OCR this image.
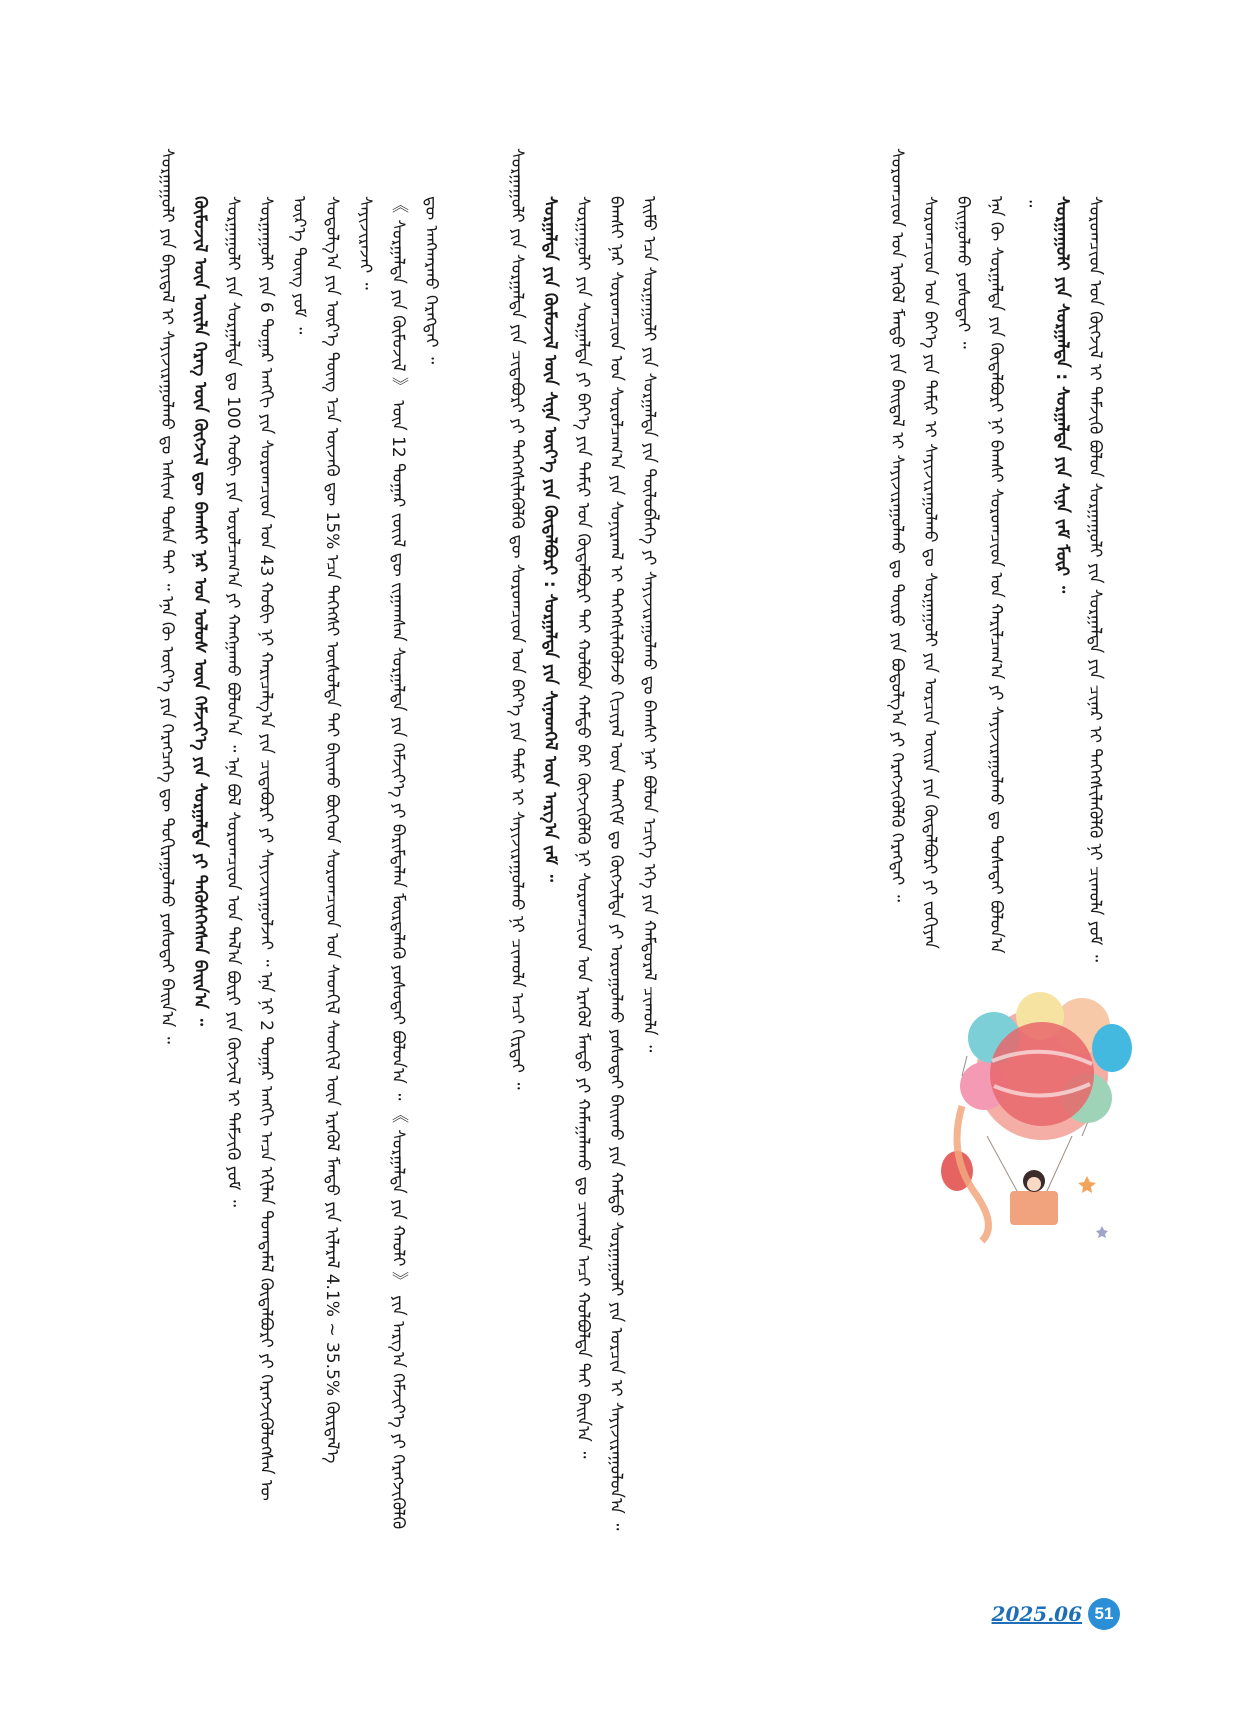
ᠰᠤᠷᠭᠠᠭᠤᠯᠢ ᠶᠢᠨ ᠪᠠᠶᠢᠳᠠᠯ ᠢ ᠰᠠᠶᠢᠵᠢᠷᠠᠭᠤᠯᠬᠤ ᠳᠤ ᠠᠰᠢᠭ ᠲᠤᠰᠠ ᠲᠠᠢ ᠃ ᠡᠨᠡ ᠬᠦ ᠦᠶ᠎ᠡ ᠶᠢᠨ ᠬᠡᠷᠡᠭᠴᠡᠭᠡ ᠳᠦ ᠲᠣᠬᠢᠷᠠᠭᠤᠯᠬᠤ ᠶᠤᠰᠤᠲᠠᠢ ᠪᠠᠢᠨ᠎ᠠ ᠃ ᠬᠦᠮᠦᠵᠢᠯ ᠦᠨ ᠦᠢᠯᠡ ᠬᠡᠷᠡᠭ ᠦᠨ ᠬᠥᠭᠵᠢᠯ ᠳᠦ ᠪᠠᠭᠰᠢ ᠨᠠᠷ ᠤᠨ ᠤᠯᠤᠰ ᠦᠨ ᠬᠡᠮᠵᠢᠶ᠎ᠡ ᠶᠢᠨ ᠰᠤᠷᠭᠠᠯᠲᠠ ᠶᠢ ᠲᠡᠭᠦᠰᠬᠡᠭᠰᠡᠨ ᠪᠠᠢᠨ᠎ᠠ ᠃ ᠰᠤᠷᠭᠠᠭᠤᠯᠢ ᠶᠢᠨ ᠰᠤᠷᠭᠠᠯᠲᠠ ᠳᠤ 100 ᠬᠤᠪᠢ ᠶᠢᠨ ᠤᠷᠤᠯᠴᠠᠭ᠎ᠠ ᠶᠢ ᠬᠠᠩᠭᠠᠬᠤ ᠪᠣᠯᠤᠨ᠎ᠠ ᠃ ᠡᠨᠡ ᠪᠣᠯ ᠰᠤᠷᠤᠭᠴᠢᠳ ᠤᠨ ᠲᠠᠯ᠎ᠠ ᠪᠦᠷᠢ ᠶᠢᠨ ᠬᠥᠭᠵᠢᠯ ᠢ ᠳᠡᠮᠵᠢᠬᠦ ᠶᠤᠮ ᠃ ᠰᠤᠷᠭᠠᠭᠤᠯᠢ ᠶᠢᠨ 6 ᠳᠤᠭᠠᠷ ᠠᠩᠭᠢ ᠶᠢᠨ ᠰᠤᠷᠤᠭᠴᠢᠳ ᠤᠨ 43 ᠬᠤᠪᠢ ᠨᠢ ᠬᠠᠷᠢᠴᠠᠯᠭ᠎ᠠ ᠶᠢᠨ ᠴᠢᠳᠠᠪᠤᠷᠢ ᠶᠢ ᠰᠠᠶᠢᠵᠢᠷᠠᠭᠤᠯᠵᠠᠢ ᠃ ᠡᠨᠡ ᠨᠢ 2 ᠳᠤᠭᠠᠷ ᠠᠩᠭᠢ ᠠᠴᠠ ᠡᠬᠢᠯᠡᠨ ᠲᠣᠭᠲᠠᠮᠠᠯ ᠬᠥᠲᠡᠯᠪᠦᠷᠢ ᠶᠢ ᠬᠡᠷᠡᠭᠵᠢᠭᠦᠯᠦᠭᠰᠡᠨ ᠦ ᠦᠷ᠎ᠡ ᠳᠦᠩ ᠶᠤᠮ ᠃ ᠰᠤᠳᠤᠯᠭ᠎ᠠ ᠶᠢᠨ ᠦᠷ᠎ᠡ ᠳᠦᠩ ᠡᠴᠡ ᠦᠵᠡᠬᠦ ᠳᠦ 15% ᠡᠴᠡ ᠳᠡᠭᠡᠭᠰᠢ ᠥᠰᠦᠯᠲᠡ ᠲᠠᠢ ᠪᠠᠢᠬᠤ ᠪᠥᠭᠡᠳ ᠰᠤᠷᠤᠭᠴᠢᠳ ᠤᠨ ᠰᠡᠳᠭᠢᠯ ᠰᠡᠳᠬᠢᠯ ᠦᠨ ᠡᠷᠡᠭᠦᠯ ᠮᠡᠨᠳᠦ ᠶᠢᠨ ᠢᠯᠡᠷᠡᠯ 4.1% ~ 35.5% ᠬᠦᠷᠲᠡᠯ᠎ᠡ ᠰᠠᠶᠢᠵᠢᠷᠠᠵᠠᠢ ᠃ 《 ᠰᠤᠷᠭᠠᠯᠲᠠ ᠶᠢᠨ ᠬᠦᠮᠦᠵᠢᠯ 》 ᠦᠨ 12 ᠳᠤᠭᠠᠷ ᠵᠦᠢᠯ ᠳᠦ ᠵᠢᠭᠠᠭᠰᠠᠨ ᠰᠤᠷᠭᠠᠯᠲᠠ ᠶᠢᠨ ᠬᠡᠮᠵᠢᠶ᠎ᠡ ᠶᠢ ᠪᠠᠷᠢᠮᠲᠠᠯᠠᠨ ᠮᠥᠷᠳᠡᠯᠡᠬᠦ ᠶᠤᠰᠤᠲᠠᠢ ᠪᠣᠯᠤᠨ᠎ᠠ ᠃ 《 ᠰᠤᠷᠭᠠᠯᠲᠠ ᠶᠢᠨ ᠬᠠᠤᠯᠢ 》 ᠶᠢᠨ ᠠᠷᠭ᠎ᠠ ᠬᠡᠮᠵᠢᠶ᠎ᠡ ᠶᠢ ᠬᠡᠷᠡᠭᠵᠢᠭᠦᠯᠬᠦ ᠳᠦ ᠠᠩᠬᠠᠷᠬᠤ ᠬᠡᠷᠡᠭᠲᠡᠢ ᠃	ᠰᠤᠷᠭᠠᠭᠤᠯᠢ ᠶᠢᠨ ᠰᠤᠷᠭᠠᠯᠲᠠ ᠶᠢᠨ ᠴᠢᠳᠠᠪᠤᠷᠢ ᠶᠢ ᠳᠡᠭᠡᠭᠰᠢᠯᠡᠭᠦᠯᠬᠦ ᠳᠦ ᠰᠤᠷᠤᠭᠴᠢᠳ ᠤᠨ ᠪᠡᠶ᠎ᠡ ᠶᠢᠨ ᠲᠠᠮᠢᠷ ᠢ ᠰᠠᠶᠢᠵᠢᠷᠠᠭᠤᠯᠬᠤ ᠨᠢ ᠴᠢᠬᠤᠯᠠ ᠠᠴᠢ ᠬᠢᠷᠳᠠᠢ ᠃ ᠰᠤᠷᠭᠠᠯᠲᠠ ᠶᠢᠨ ᠬᠦᠮᠦᠵᠢᠯ ᠦᠨ ᠰᠢᠨᠡ ᠦᠶ᠎ᠡ ᠶᠢᠨ ᠬᠥᠲᠡᠯᠪᠦᠷᠢ : ᠰᠤᠷᠭᠠᠯᠲᠠ ᠶᠢᠨ ᠰᠢᠨᠡᠳᠬᠡᠯ ᠦᠨ ᠠᠷᠭ᠎ᠠ ᠵᠠᠮ ᠃ ᠰᠤᠷᠭᠠᠭᠤᠯᠢ ᠶᠢᠨ ᠰᠤᠷᠭᠠᠯᠲᠠ ᠶᠢ ᠪᠡᠶ᠎ᠡ ᠶᠢᠨ ᠲᠠᠮᠢᠷ ᠤᠨ ᠬᠥᠲᠡᠯᠪᠦᠷᠢ ᠲᠠᠢ ᠬᠣᠯᠪᠣᠨ ᠬᠠᠮᠲᠤ ᠪᠠᠷ ᠬᠥᠭᠵᠢᠭᠦᠯᠬᠦ ᠨᠢ ᠰᠤᠷᠤᠭᠴᠢᠳ ᠤᠨ ᠡᠷᠡᠭᠦᠯ ᠮᠡᠨᠳᠦ ᠶᠢ ᠬᠠᠮᠠᠭᠠᠯᠠᠬᠤ ᠳᠤ ᠴᠢᠬᠤᠯᠠ ᠠᠴᠢ ᠬᠣᠯᠪᠣᠯᠲᠠ ᠲᠠᠢ ᠪᠠᠢᠨ᠎ᠠ ᠃ ᠪᠠᠭᠰᠢ ᠨᠠᠷ ᠰᠤᠷᠤᠭᠴᠢᠳ ᠤᠨ ᠰᠤᠷᠤᠯᠴᠠᠭ᠎ᠠ ᠶᠢᠨ ᠰᠣᠨᠢᠷᠬᠠᠯ ᠢ ᠳᠡᠭᠡᠭᠰᠢᠯᠡᠭᠦᠯᠵᠦ ᠬᠢᠴᠢᠶᠡᠯ ᠦᠨ ᠲᠠᠩᠬᠢᠮ ᠳᠤ ᠬᠥᠭᠵᠢᠯᠲᠡ ᠶᠢ ᠣᠷᠣᠭᠤᠯᠬᠤ ᠶᠤᠰᠤᠲᠠᠢ ᠪᠠᠢᠬᠤ ᠶᠢᠨ ᠬᠠᠮᠲᠤ ᠰᠤᠷᠭᠠᠭᠤᠯᠢ ᠶᠢᠨ ᠤᠷᠴᠢᠨ ᠢ ᠰᠠᠶᠢᠵᠢᠷᠠᠭᠤᠯᠤᠨ᠎ᠠ ᠃ ᠡᠢᠮᠦ ᠡᠴᠡ ᠰᠤᠷᠭᠠᠭᠤᠯᠢ ᠶᠢᠨ ᠰᠤᠷᠭᠠᠯᠲᠠ ᠶᠢᠨ ᠲᠥᠯᠦᠪᠯᠡᠭᠡ ᠶᠢ ᠰᠠᠶᠢᠵᠢᠷᠠᠭᠤᠯᠬᠤ ᠳᠤ ᠪᠠᠭᠰᠢ ᠨᠠᠷ ᠪᠣᠯᠤᠨ ᠡᠴᠢᠭᠡ ᠡᠬᠡ ᠶᠢᠨ ᠬᠠᠮᠲᠤᠷᠠᠯ ᠴᠢᠬᠤᠯᠠ ᠃	ᠰᠤᠷᠤᠭᠴᠢᠳ ᠤᠨ ᠡᠷᠡᠭᠦᠯ ᠮᠡᠨᠳᠦ ᠶᠢᠨ ᠪᠠᠢᠳᠠᠯ ᠢ ᠰᠠᠶᠢᠵᠢᠷᠠᠭᠤᠯᠬᠤ ᠳᠤ ᠲᠥᠷᠥ ᠶᠢᠨ ᠪᠣᠳᠤᠯᠭ᠎ᠠ ᠶᠢ ᠬᠡᠷᠡᠭᠵᠢᠭᠦᠯᠬᠦ ᠬᠡᠷᠡᠭᠲᠡᠢ ᠃ ᠰᠤᠷᠤᠭᠴᠢᠳ ᠤᠨ ᠪᠡᠶ᠎ᠡ ᠶᠢᠨ ᠲᠠᠮᠢᠷ ᠢ ᠰᠠᠶᠢᠵᠢᠷᠠᠭᠤᠯᠬᠤ ᠳᠤ ᠰᠤᠷᠭᠠᠭᠤᠯᠢ ᠶᠢᠨ ᠣᠷᠴᠢᠨ ᠣᠢᠷᠠ ᠶᠢᠨ ᠬᠥᠲᠡᠯᠪᠦᠷᠢ ᠶᠢ ᠵᠣᠬᠢᠶᠠᠨ ᠪᠠᠢᠭᠤᠯᠬᠤ ᠶᠤᠰᠤᠲᠠᠢ ᠃ ᠡᠨᠡ ᠬᠦ ᠰᠤᠷᠭᠠᠯᠲᠠ ᠶᠢᠨ ᠬᠥᠲᠡᠯᠪᠦᠷᠢ ᠨᠢ ᠪᠠᠭᠰᠢ ᠰᠤᠷᠤᠭᠴᠢᠳ ᠤᠨ ᠬᠠᠷᠢᠯᠴᠠᠭ᠎ᠠ ᠶᠢ ᠰᠠᠶᠢᠵᠢᠷᠠᠭᠤᠯᠬᠤ ᠳᠤ ᠲᠤᠰᠠᠲᠠᠢ ᠪᠣᠯᠤᠨ᠎ᠠ ᠃ ᠰᠤᠷᠭᠠᠭᠤᠯᠢ ᠶᠢᠨ ᠰᠤᠷᠭᠠᠯᠲᠠ : ᠰᠤᠷᠭᠠᠯᠲᠠ ᠶᠢᠨ ᠰᠢᠨᠡ ᠵᠠᠮ ᠮᠥᠷ ᠃ ᠰᠤᠷᠤᠭᠴᠢᠳ ᠤᠨ ᠬᠥᠭᠵᠢᠯ ᠢ ᠳᠡᠮᠵᠢᠬᠦ ᠪᠣᠯᠤᠨ ᠰᠤᠷᠭᠠᠭᠤᠯᠢ ᠶᠢᠨ ᠰᠤᠷᠭᠠᠯᠲᠠ ᠶᠢᠨ ᠴᠢᠨᠠᠷ ᠢ ᠳᠡᠭᠡᠭᠰᠢᠯᠡᠭᠦᠯᠬᠦ ᠨᠢ ᠴᠢᠬᠤᠯᠠ ᠶᠤᠮ ᠃

2025.06 51
